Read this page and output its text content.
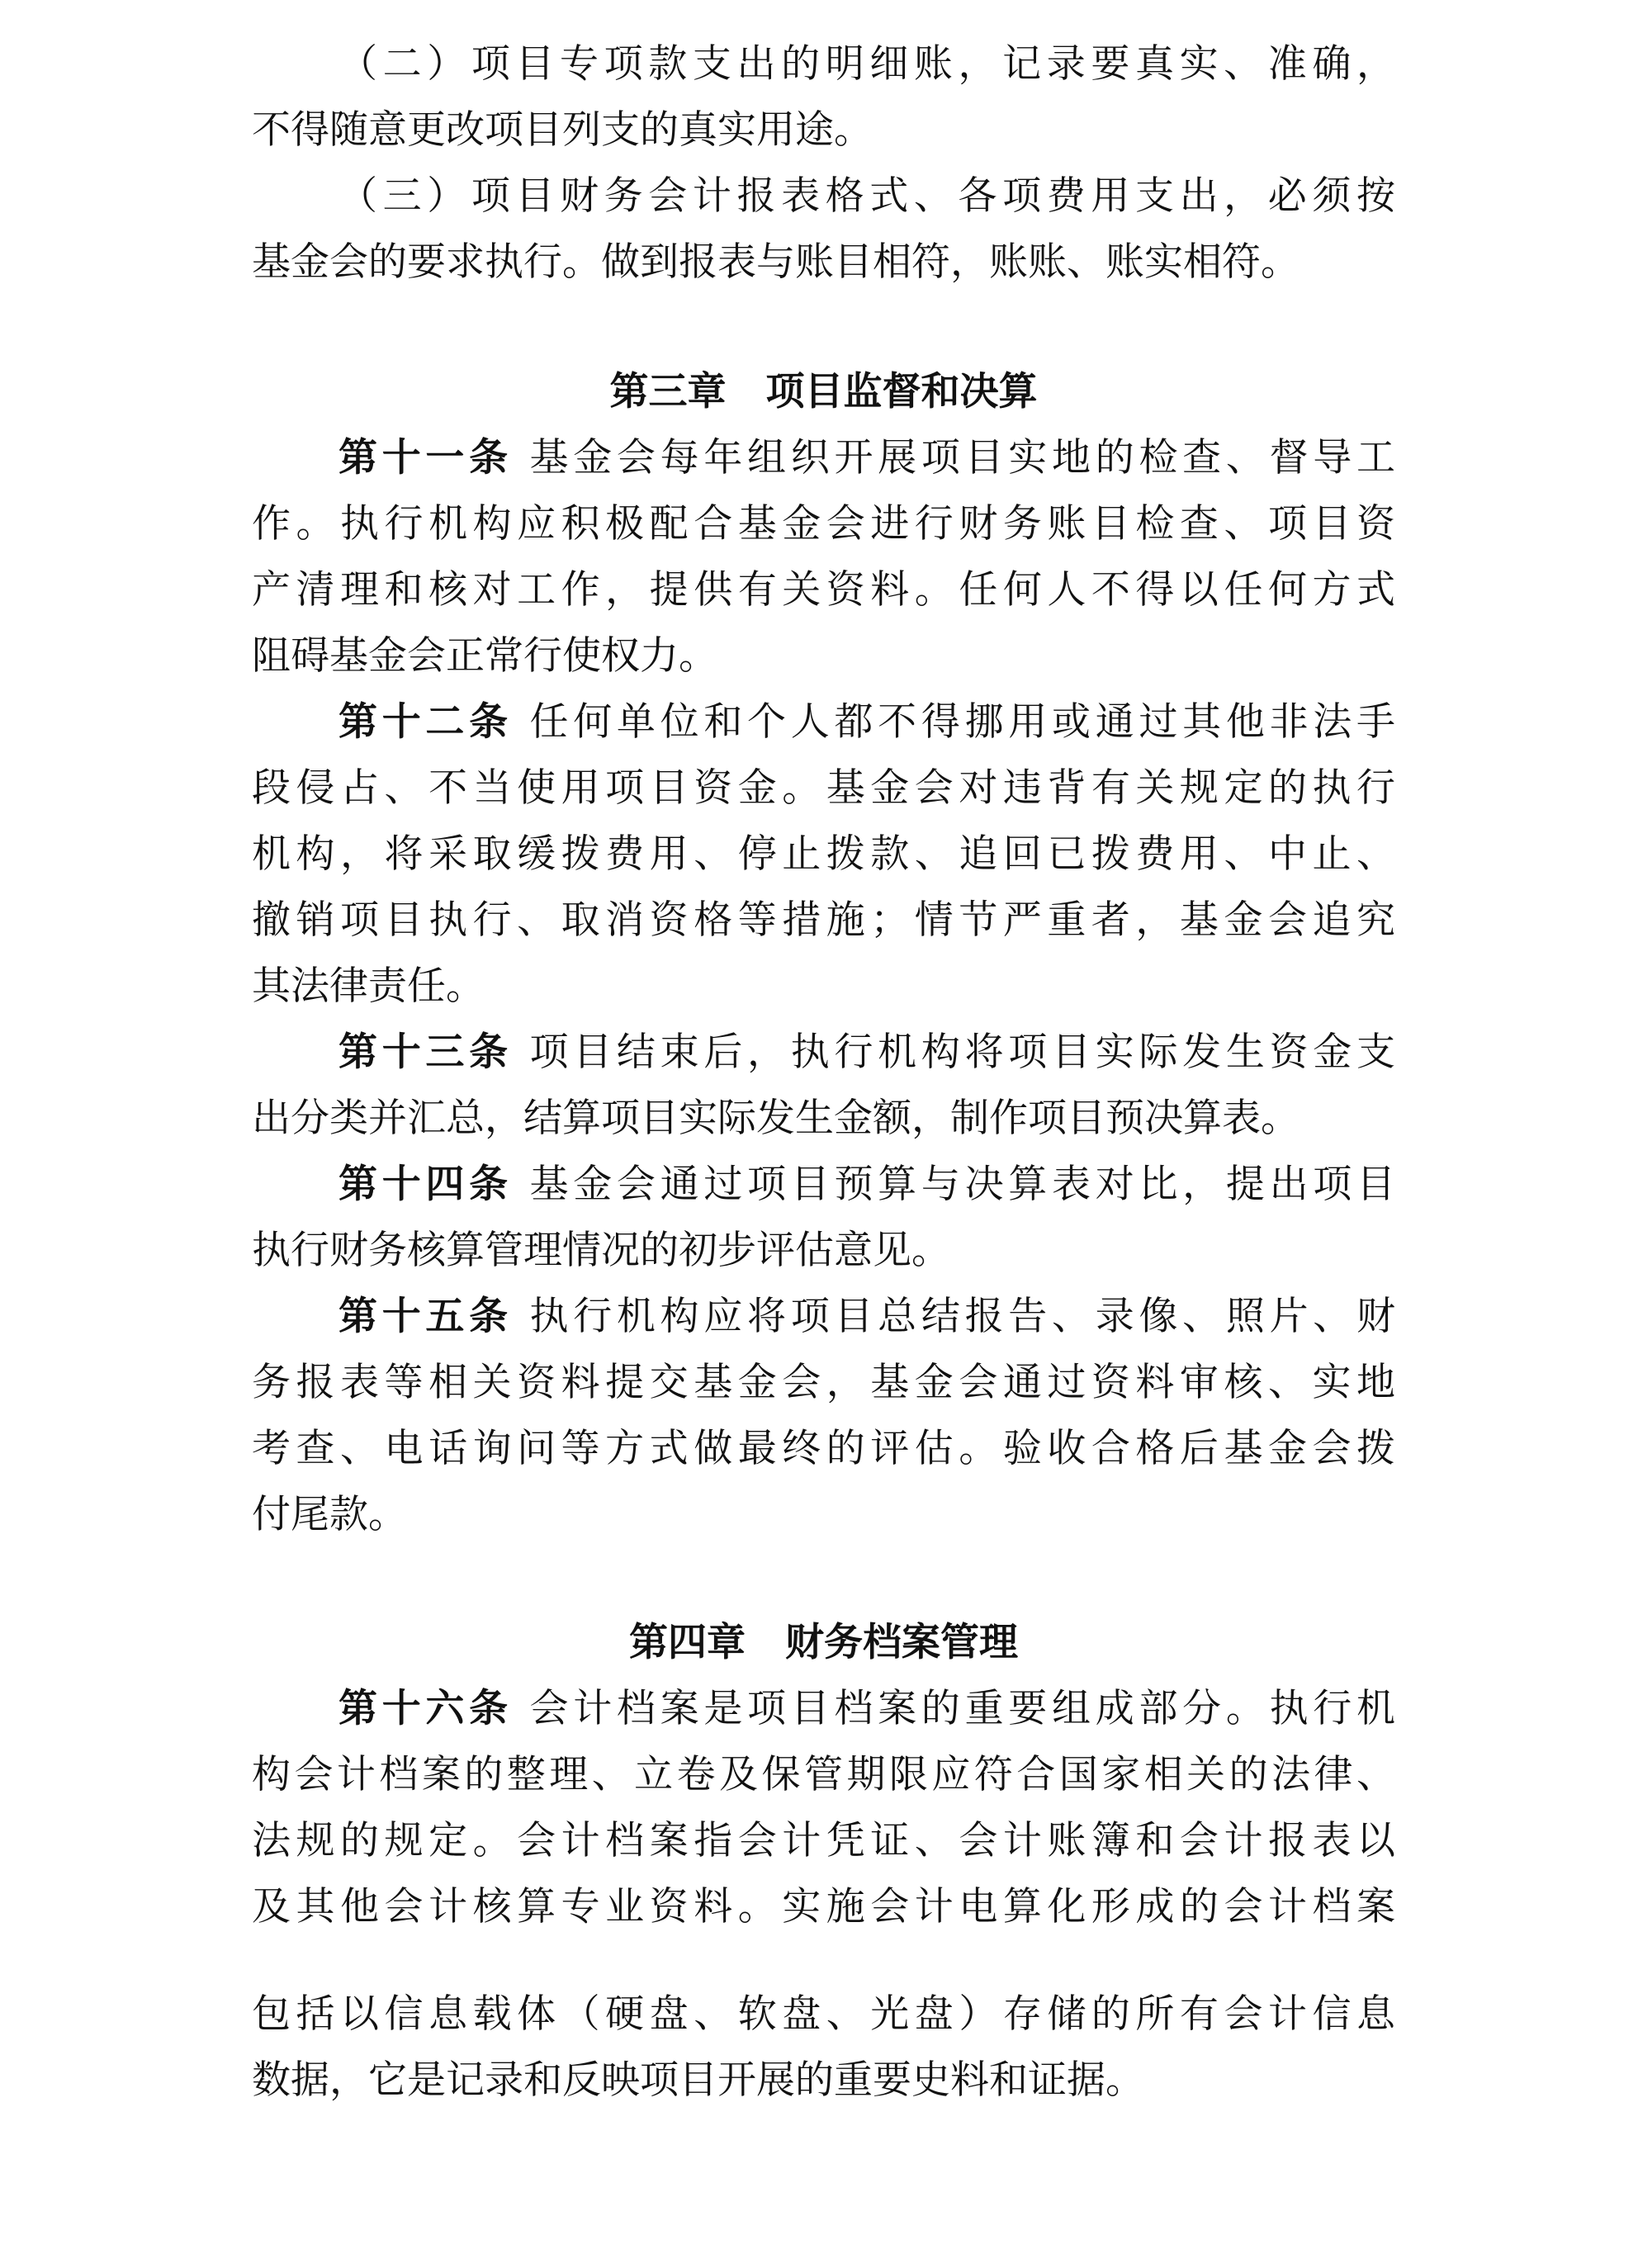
（二）项目专项款支出的明细账，记录要真实、准确，
不得随意更改项目列支的真实用途。
（三）项目财务会计报表格式、各项费用支出，必须按
基金会的要求执行。做到报表与账目相符，账账、账实相符。
第三章 项目监督和决算
第十一条 基金会每年组织开展项目实地的检查、督导工
作。执行机构应积极配合基金会进行财务账目检查、项目资
产清理和核对工作，提供有关资料。任何人不得以任何方式
阻碍基金会正常行使权力。
第十二条 任何单位和个人都不得挪用或通过其他非法手
段侵占、不当使用项目资金。基金会对违背有关规定的执行
机构，将采取缓拨费用、停止拨款、追回已拨费用、中止、
撤销项目执行、取消资格等措施；情节严重者，基金会追究
其法律责任。
第十三条 项目结束后，执行机构将项目实际发生资金支
出分类并汇总，结算项目实际发生金额，制作项目预决算表。
第十四条 基金会通过项目预算与决算表对比，提出项目
执行财务核算管理情况的初步评估意见。
第十五条 执行机构应将项目总结报告、录像、照片、财
务报表等相关资料提交基金会，基金会通过资料审核、实地
考查、电话询问等方式做最终的评估。验收合格后基金会拨
付尾款。
第四章 财务档案管理
第十六条 会计档案是项目档案的重要组成部分。执行机
构会计档案的整理、立卷及保管期限应符合国家相关的法律、
法规的规定。会计档案指会计凭证、会计账簿和会计报表以
及其他会计核算专业资料。实施会计电算化形成的会计档案
包括以信息载体（硬盘、软盘、光盘）存储的所有会计信息
数据，它是记录和反映项目开展的重要史料和证据。
